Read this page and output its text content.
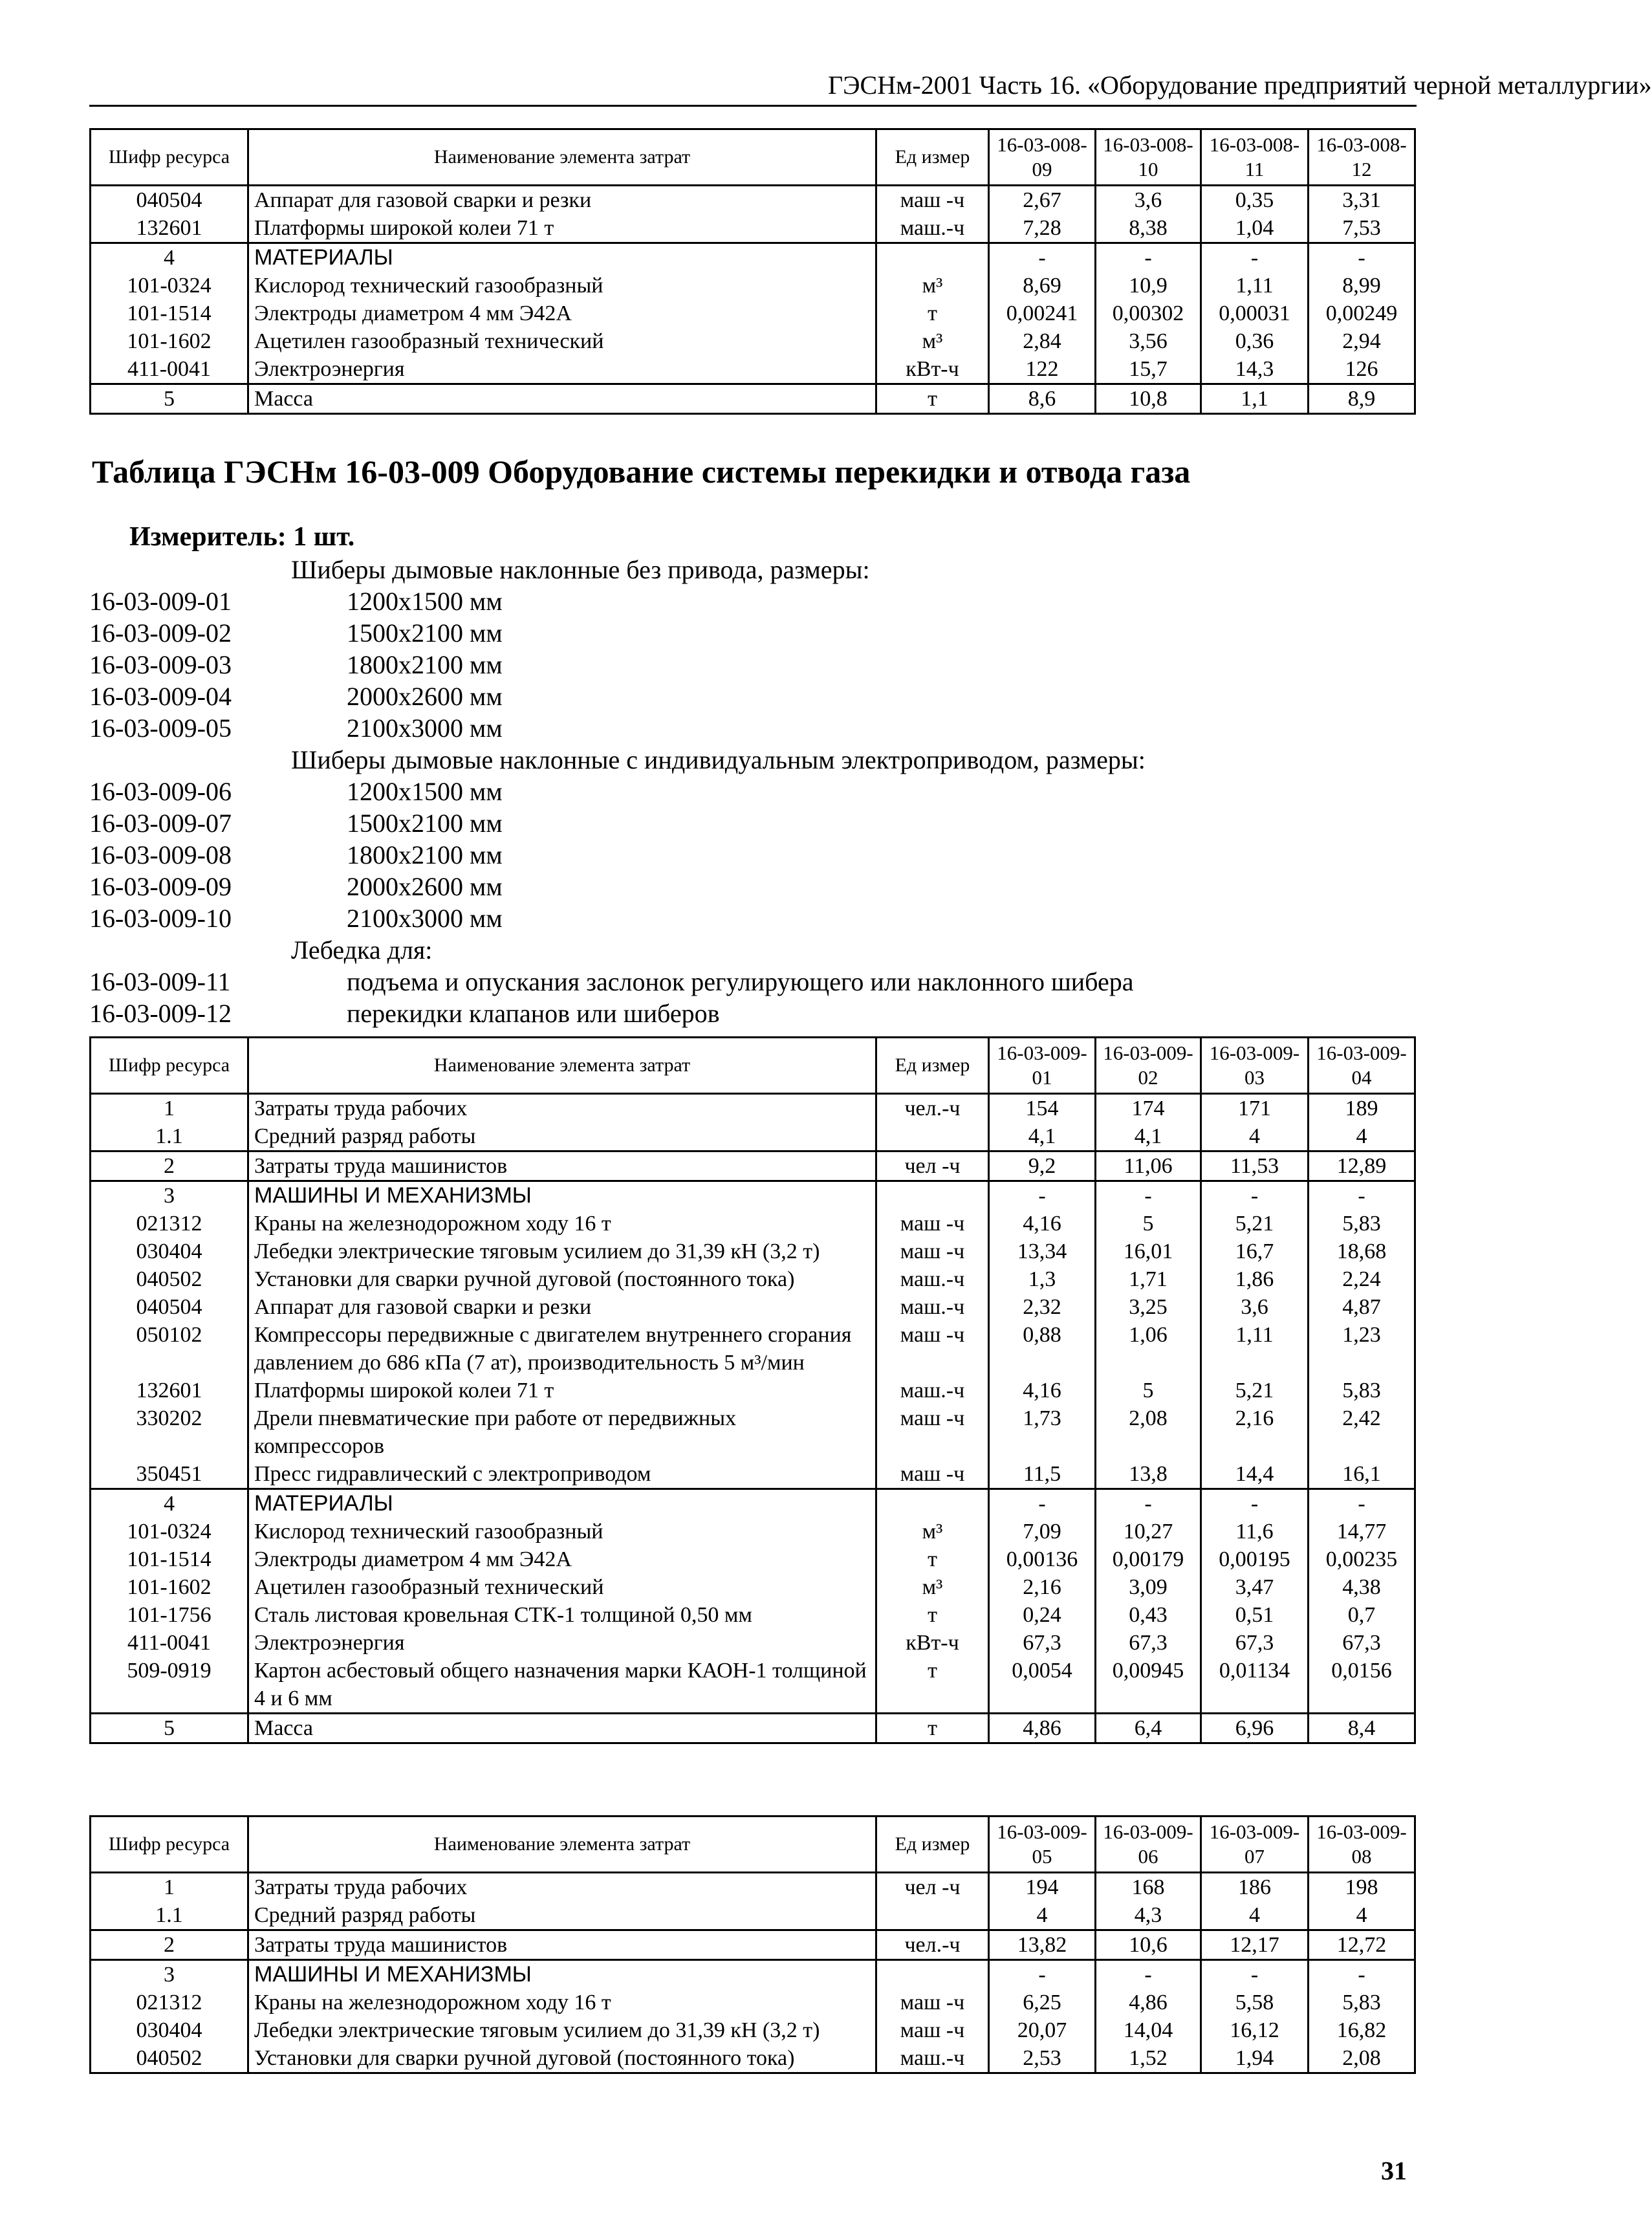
ГЭСНм-2001 Часть 16. «Оборудование предприятий черной металлургии»
Шифр ресурса	Наименование элемента затрат	Ед измер	16-03-008-09	16-03-008-10	16-03-008-11	16-03-008-12
040504	Аппарат для газовой сварки и резки	маш -ч	2,67	3,6	0,35	3,31
132601	Платформы широкой колеи 71 т	маш.-ч	7,28	8,38	1,04	7,53
4	МАТЕРИАЛЫ		-	-	-	-
101-0324	Кислород технический газообразный	м³	8,69	10,9	1,11	8,99
101-1514	Электроды диаметром 4 мм Э42А	т	0,00241	0,00302	0,00031	0,00249
101-1602	Ацетилен газообразный технический	м³	2,84	3,56	0,36	2,94
411-0041	Электроэнергия	кВт-ч	122	15,7	14,3	126
5	Масса	т	8,6	10,8	1,1	8,9
Таблица ГЭСНм 16-03-009 Оборудование системы перекидки и отвода газа
Измеритель: 1 шт.
Шиберы дымовые наклонные без привода, размеры:
16-03-009-01	1200x1500 мм
16-03-009-02	1500x2100 мм
16-03-009-03	1800x2100 мм
16-03-009-04	2000x2600 мм
16-03-009-05	2100x3000 мм
Шиберы дымовые наклонные с индивидуальным электроприводом, размеры:
16-03-009-06	1200x1500 мм
16-03-009-07	1500x2100 мм
16-03-009-08	1800x2100 мм
16-03-009-09	2000x2600 мм
16-03-009-10	2100x3000 мм
Лебедка для:
16-03-009-11	подъема и опускания заслонок регулирующего или наклонного шибера
16-03-009-12	перекидки клапанов или шиберов
Шифр ресурса	Наименование элемента затрат	Ед измер	16-03-009-01	16-03-009-02	16-03-009-03	16-03-009-04
1	Затраты труда рабочих	чел.-ч	154	174	171	189
1.1	Средний разряд работы		4,1	4,1	4	4
2	Затраты труда машинистов	чел -ч	9,2	11,06	11,53	12,89
3	МАШИНЫ И МЕХАНИЗМЫ		-	-	-	-
021312	Краны на железнодорожном ходу 16 т	маш -ч	4,16	5	5,21	5,83
030404	Лебедки электрические тяговым усилием до 31,39 кН (3,2 т)	маш -ч	13,34	16,01	16,7	18,68
040502	Установки для сварки ручной дуговой (постоянного тока)	маш.-ч	1,3	1,71	1,86	2,24
040504	Аппарат для газовой сварки и резки	маш.-ч	2,32	3,25	3,6	4,87
050102	Компрессоры передвижные с двигателем внутреннего сгорания давлением до 686 кПа (7 ат), производительность 5 м³/мин	маш -ч	0,88	1,06	1,11	1,23
132601	Платформы широкой колеи 71 т	маш.-ч	4,16	5	5,21	5,83
330202	Дрели пневматические при работе от передвижных компрессоров	маш -ч	1,73	2,08	2,16	2,42
350451	Пресс гидравлический с электроприводом	маш -ч	11,5	13,8	14,4	16,1
4	МАТЕРИАЛЫ		-	-	-	-
101-0324	Кислород технический газообразный	м³	7,09	10,27	11,6	14,77
101-1514	Электроды диаметром 4 мм Э42А	т	0,00136	0,00179	0,00195	0,00235
101-1602	Ацетилен газообразный технический	м³	2,16	3,09	3,47	4,38
101-1756	Сталь листовая кровельная СТК-1 толщиной 0,50 мм	т	0,24	0,43	0,51	0,7
411-0041	Электроэнергия	кВт-ч	67,3	67,3	67,3	67,3
509-0919	Картон асбестовый общего назначения марки КАОН-1 толщиной 4 и 6 мм	т	0,0054	0,00945	0,01134	0,0156
5	Масса	т	4,86	6,4	6,96	8,4
Шифр ресурса	Наименование элемента затрат	Ед измер	16-03-009-05	16-03-009-06	16-03-009-07	16-03-009-08
1	Затраты труда рабочих	чел -ч	194	168	186	198
1.1	Средний разряд работы		4	4,3	4	4
2	Затраты труда машинистов	чел.-ч	13,82	10,6	12,17	12,72
3	МАШИНЫ И МЕХАНИЗМЫ		-	-	-	-
021312	Краны на железнодорожном ходу 16 т	маш -ч	6,25	4,86	5,58	5,83
030404	Лебедки электрические тяговым усилием до 31,39 кН (3,2 т)	маш -ч	20,07	14,04	16,12	16,82
040502	Установки для сварки ручной дуговой (постоянного тока)	маш.-ч	2,53	1,52	1,94	2,08
31
